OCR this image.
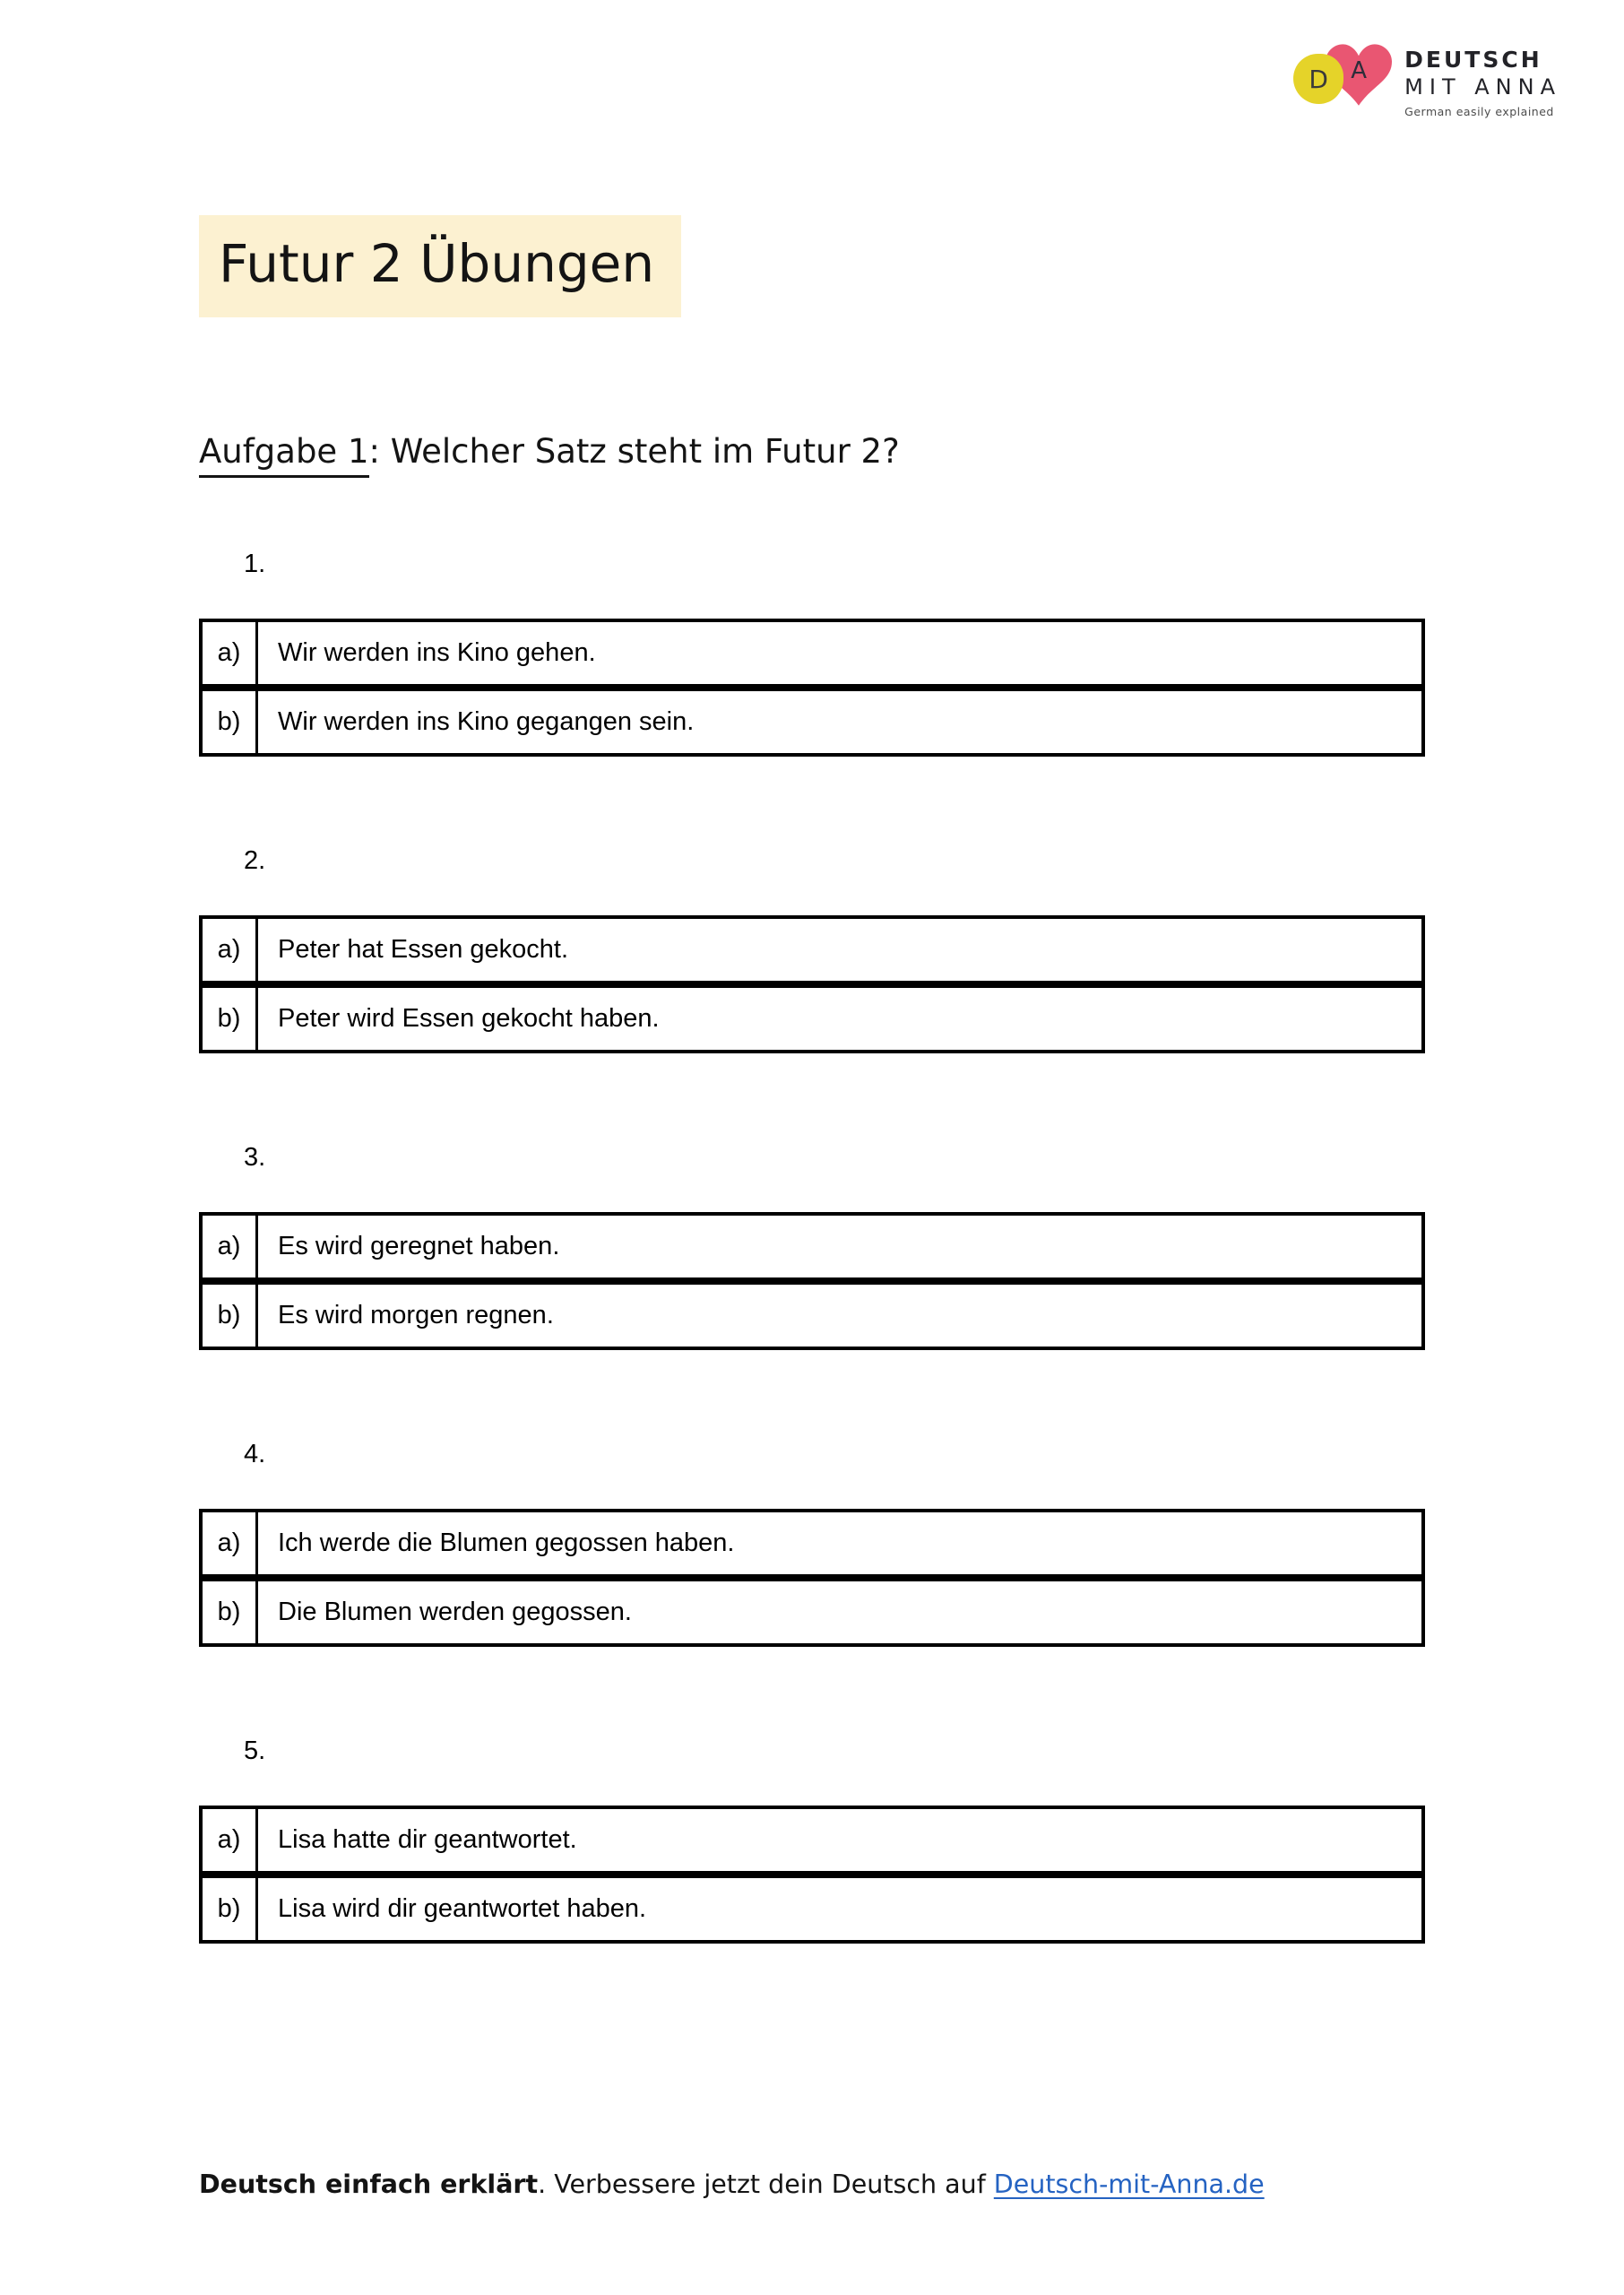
D A	DEUTSCH
MIT ANNA
German easily explained
Futur 2 Übungen
Aufgabe 1: Welcher Satz steht im Futur 2?
1.
a)	Wir werden ins Kino gehen.
b)	Wir werden ins Kino gegangen sein.
2.
a)	Peter hat Essen gekocht.
b)	Peter wird Essen gekocht haben.
3.
a)	Es wird geregnet haben.
b)	Es wird morgen regnen.
4.
a)	Ich werde die Blumen gegossen haben.
b)	Die Blumen werden gegossen.
5.
a)	Lisa hatte dir geantwortet.
b)	Lisa wird dir geantwortet haben.
Deutsch einfach erklärt. Verbessere jetzt dein Deutsch auf Deutsch-mit-Anna.de
